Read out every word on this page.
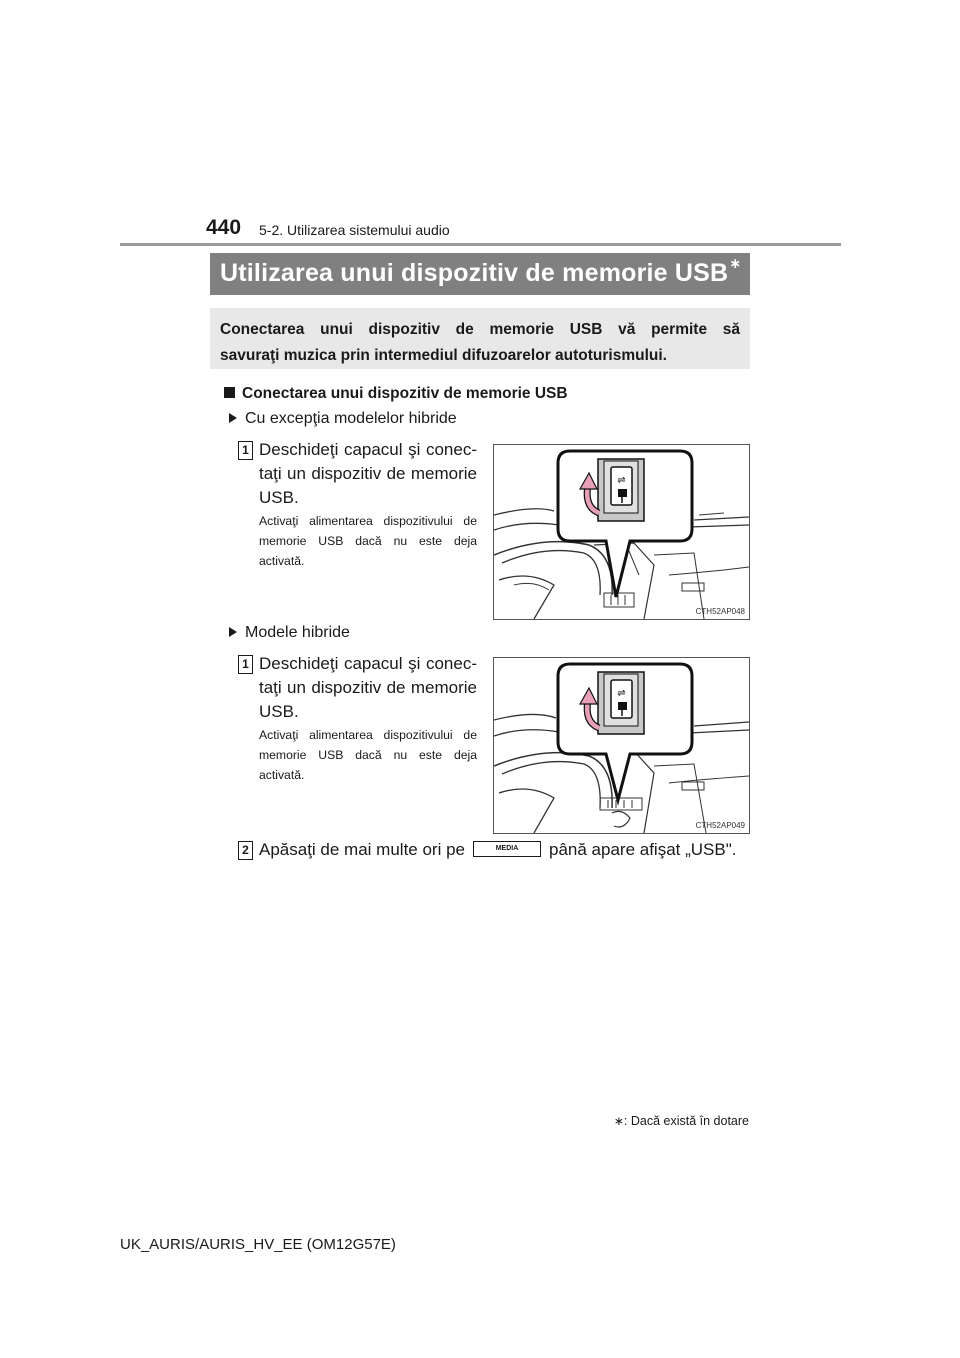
440 5-2. Utilizarea sistemului audio
Utilizarea unui dispozitiv de memorie USB∗
Conectarea unui dispozitiv de memorie USB vă permite să
savuraţi muzica prin intermediul difuzoarelor autoturismului.
Conectarea unui dispozitiv de memorie USB
Cu excepţia modelelor hibride
1 Deschideţi capacul şi conec-taţi un dispozitiv de memorie USB.
Activaţi alimentarea dispozitivului de memorie USB dacă nu este deja activată.
⇌
CTH52AP048
Modele hibride
1 Deschideţi capacul şi conec-taţi un dispozitiv de memorie USB.
Activaţi alimentarea dispozitivului de memorie USB dacă nu este deja activată.
⇌
CTH52AP049
2 Apăsaţi de mai multe ori pe	MEDIA până apare afişat „USB".
∗: Dacă există în dotare
UK_AURIS/AURIS_HV_EE (OM12G57E)
